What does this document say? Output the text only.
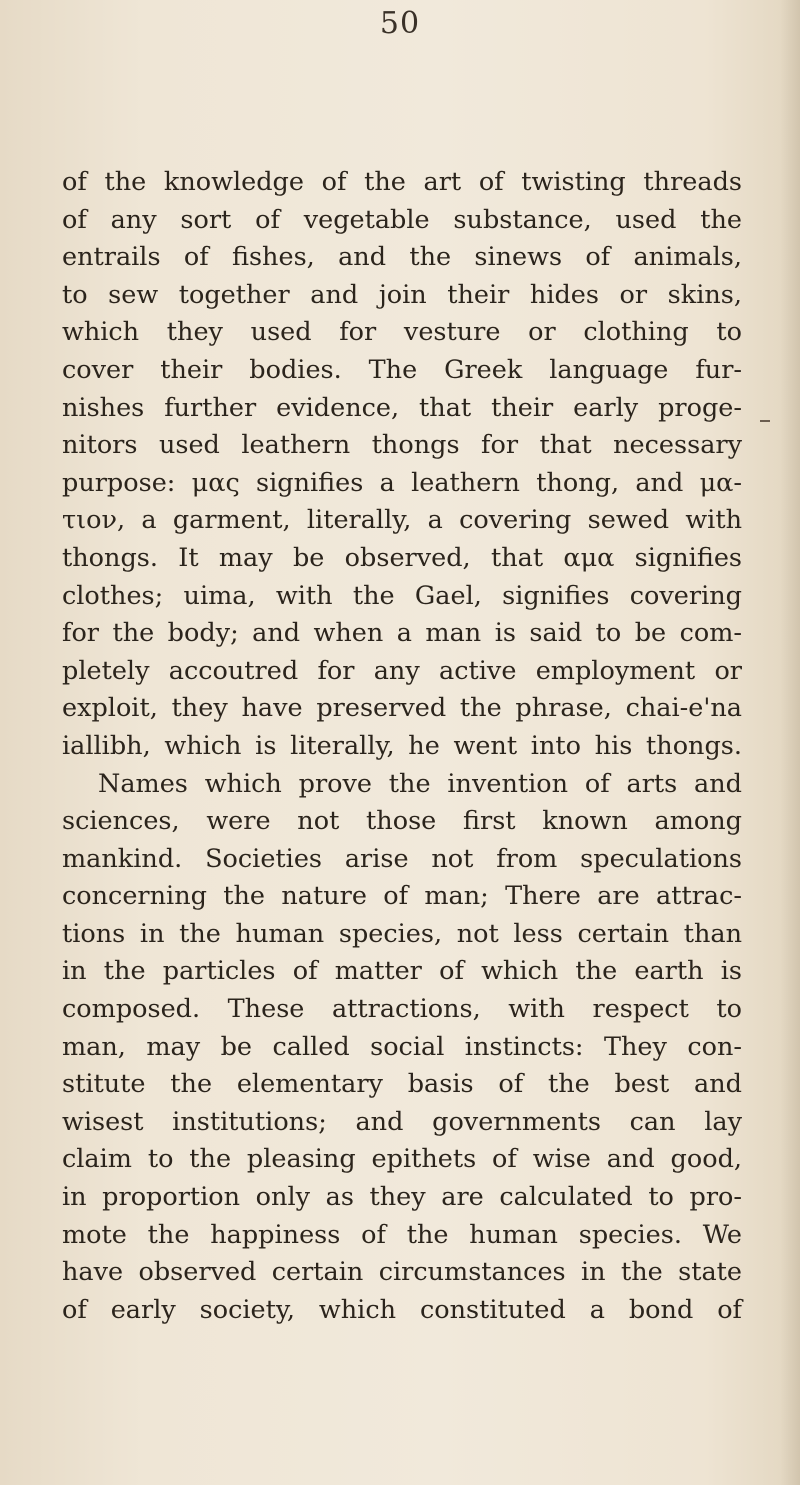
50
of the knowledge of the art of twisting threads
of any sort of vegetable substance, used the
entrails of fishes, and the sinews of animals,
to sew together and join their hides or skins,
which they used for vesture or clothing to
cover their bodies. The Greek language fur-
nishes further evidence, that their early proge-
nitors used leathern thongs for that necessary
purpose: μας signifies a leathern thong, and μα-
τιον, a garment, literally, a covering sewed with
thongs. It may be observed, that αμα signifies
clothes; uima, with the Gael, signifies covering
for the body; and when a man is said to be com-
pletely accoutred for any active employment or
exploit, they have preserved the phrase, chai-e'na
iallibh, which is literally, he went into his thongs.
Names which prove the invention of arts and
sciences, were not those first known among
mankind. Societies arise not from speculations
concerning the nature of man; There are attrac-
tions in the human species, not less certain than
in the particles of matter of which the earth is
composed. These attractions, with respect to
man, may be called social instincts: They con-
stitute the elementary basis of the best and
wisest institutions; and governments can lay
claim to the pleasing epithets of wise and good,
in proportion only as they are calculated to pro-
mote the happiness of the human species. We
have observed certain circumstances in the state
of early society, which constituted a bond of
